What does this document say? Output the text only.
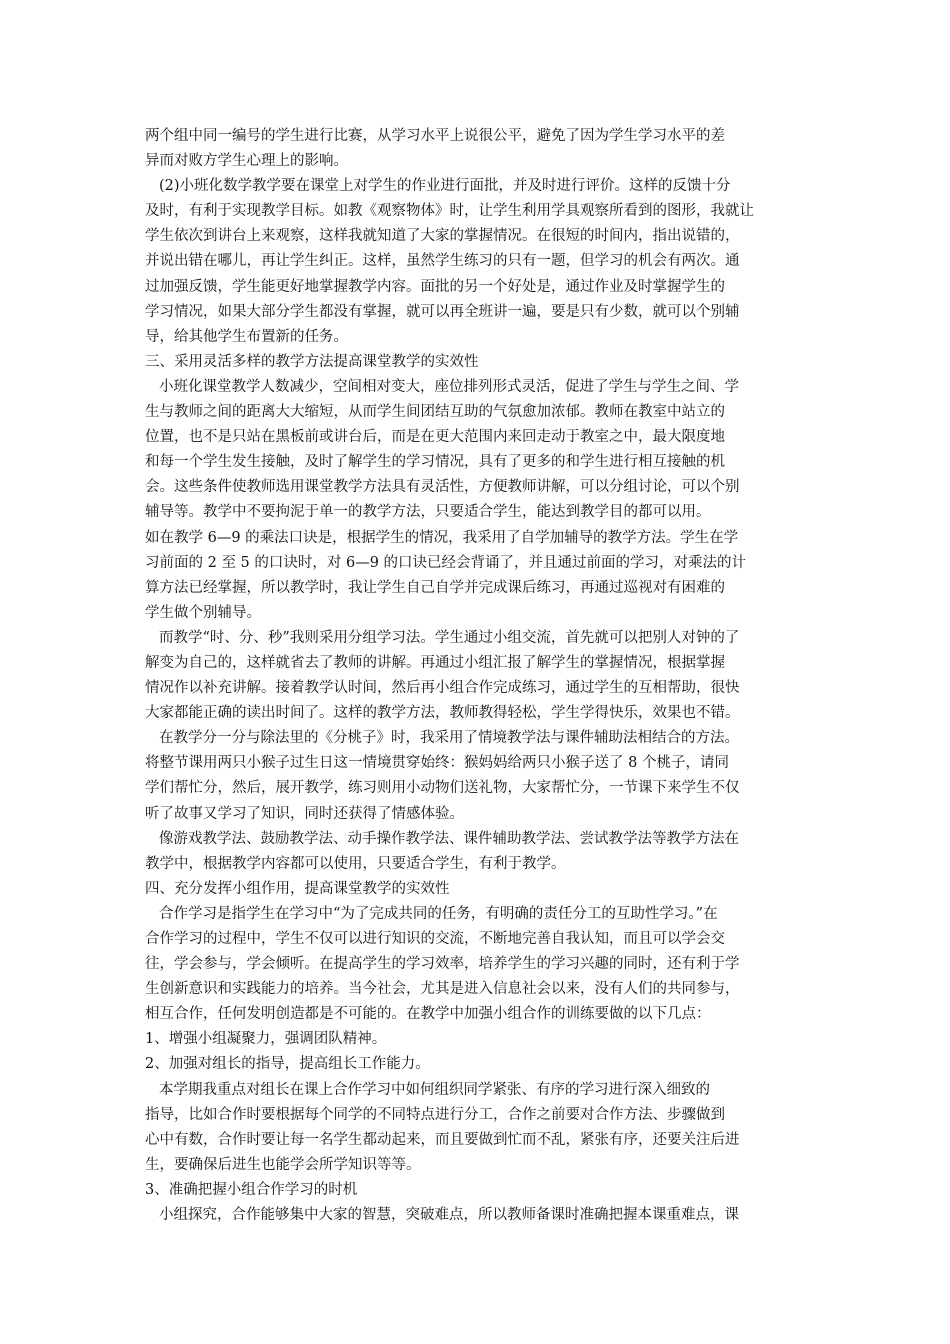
两个组中同一编号的学生进行比赛，从学习水平上说很公平，避免了因为学生学习水平的差
异而对败方学生心理上的影响。
(2)小班化数学教学要在课堂上对学生的作业进行面批，并及时进行评价。这样的反馈十分
及时，有利于实现教学目标。如教《观察物体》时，让学生利用学具观察所看到的图形，我就让
学生依次到讲台上来观察，这样我就知道了大家的掌握情况。在很短的时间内，指出说错的，
并说出错在哪儿，再让学生纠正。这样，虽然学生练习的只有一题，但学习的机会有两次。通
过加强反馈，学生能更好地掌握教学内容。面批的另一个好处是，通过作业及时掌握学生的
学习情况，如果大部分学生都没有掌握，就可以再全班讲一遍，要是只有少数，就可以个别辅
导，给其他学生布置新的任务。
三、采用灵活多样的教学方法提高课堂教学的实效性
小班化课堂教学人数减少，空间相对变大，座位排列形式灵活，促进了学生与学生之间、学
生与教师之间的距离大大缩短，从而学生间团结互助的气氛愈加浓郁。教师在教室中站立的
位置，也不是只站在黑板前或讲台后，而是在更大范围内来回走动于教室之中，最大限度地
和每一个学生发生接触，及时了解学生的学习情况，具有了更多的和学生进行相互接触的机
会。这些条件使教师选用课堂教学方法具有灵活性，方便教师讲解，可以分组讨论，可以个别
辅导等。教学中不要拘泥于单一的教学方法，只要适合学生，能达到教学目的都可以用。
如在教学 6—9 的乘法口诀是，根据学生的情况，我采用了自学加辅导的教学方法。学生在学
习前面的 2 至 5 的口诀时，对 6—9 的口诀已经会背诵了，并且通过前面的学习，对乘法的计
算方法已经掌握，所以教学时，我让学生自己自学并完成课后练习，再通过巡视对有困难的
学生做个别辅导。
而教学“时、分、秒”我则采用分组学习法。学生通过小组交流，首先就可以把别人对钟的了
解变为自己的，这样就省去了教师的讲解。再通过小组汇报了解学生的掌握情况，根据掌握
情况作以补充讲解。接着教学认时间，然后再小组合作完成练习，通过学生的互相帮助，很快
大家都能正确的读出时间了。这样的教学方法，教师教得轻松，学生学得快乐，效果也不错。
在教学分一分与除法里的《分桃子》时，我采用了情境教学法与课件辅助法相结合的方法。
将整节课用两只小猴子过生日这一情境贯穿始终：猴妈妈给两只小猴子送了 8 个桃子，请同
学们帮忙分，然后，展开教学，练习则用小动物们送礼物，大家帮忙分，一节课下来学生不仅
听了故事又学习了知识，同时还获得了情感体验。
像游戏教学法、鼓励教学法、动手操作教学法、课件辅助教学法、尝试教学法等教学方法在
教学中，根据教学内容都可以使用，只要适合学生，有利于教学。
四、充分发挥小组作用，提高课堂教学的实效性
合作学习是指学生在学习中“为了完成共同的任务，有明确的责任分工的互助性学习。”在
合作学习的过程中，学生不仅可以进行知识的交流，不断地完善自我认知，而且可以学会交
往，学会参与，学会倾听。在提高学生的学习效率，培养学生的学习兴趣的同时，还有利于学
生创新意识和实践能力的培养。当今社会，尤其是进入信息社会以来，没有人们的共同参与，
相互合作，任何发明创造都是不可能的。在教学中加强小组合作的训练要做的以下几点：
1、增强小组凝聚力，强调团队精神。
2、加强对组长的指导，提高组长工作能力。
本学期我重点对组长在课上合作学习中如何组织同学紧张、有序的学习进行深入细致的
指导，比如合作时要根据每个同学的不同特点进行分工，合作之前要对合作方法、步骤做到
心中有数，合作时要让每一名学生都动起来，而且要做到忙而不乱，紧张有序，还要关注后进
生，要确保后进生也能学会所学知识等等。
3、准确把握小组合作学习的时机
小组探究，合作能够集中大家的智慧，突破难点，所以教师备课时准确把握本课重难点，课
